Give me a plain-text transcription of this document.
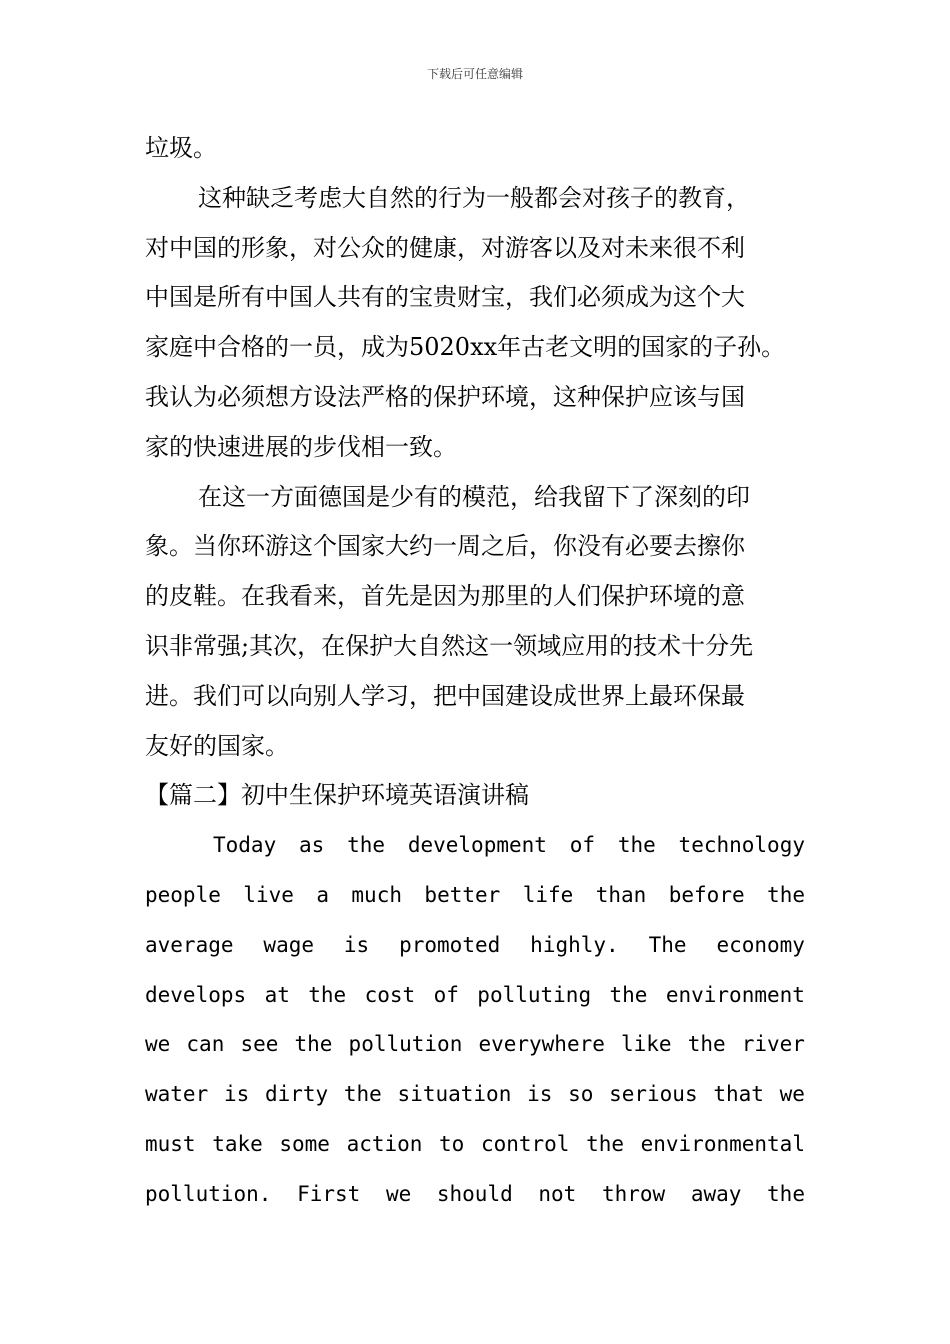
下载后可任意编辑
垃圾。
这种缺乏考虑大自然的行为一般都会对孩子的教育，
对中国的形象，对公众的健康，对游客以及对未来很不利
中国是所有中国人共有的宝贵财宝，我们必须成为这个大
家庭中合格的一员，成为5020xx年古老文明的国家的子孙。
我认为必须想方设法严格的保护环境，这种保护应该与国
家的快速进展的步伐相一致。
在这一方面德国是少有的模范，给我留下了深刻的印
象。当你环游这个国家大约一周之后，你没有必要去擦你
的皮鞋。在我看来，首先是因为那里的人们保护环境的意
识非常强;其次，在保护大自然这一领域应用的技术十分先
进。我们可以向别人学习，把中国建设成世界上最环保最
友好的国家。
【篇二】初中生保护环境英语演讲稿
Today as the development of the technology
people live a much better life than before the
average wage is promoted highly. The economy
develops at the cost of polluting the environment
we can see the pollution everywhere like the river
water is dirty the situation is so serious that we
must take some action to control the environmental
pollution. First we should not throw away the
